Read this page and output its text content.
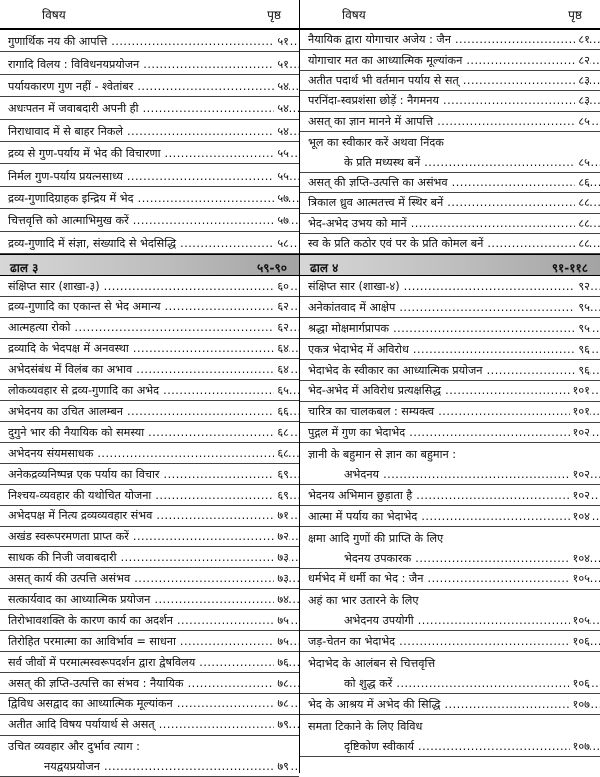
विषय	पृष्ठ
गुणार्थिक नय की आपत्ति .....	५१
रागादि विलय : विविधनयप्रयोजन .....	५१
पर्यायकारण गुण नहीं - श्वेतांबर .....	५४
अधःपतन में जवाबदारी अपनी ही .....	५४
निराधावाद में से बाहर निकले .....	५४
द्रव्य से गुण-पर्याय में भेद की विचारणा .....	५५
निर्मल गुण-पर्याय प्रयत्नसाध्य .....	५५
द्रव्य-गुणादिग्राहक इन्द्रिय में भेद .....	५७
चित्तवृत्ति को आत्माभिमुख करें .....	५७
द्रव्य-गुणादि में संज्ञा, संख्यादि से भेदसिद्धि .....	५८
ढाल ३	५९-९०
संक्षिप्त सार (शाखा-३) .....	६०
द्रव्य-गुणादि का एकान्त से भेद अमान्य .....	६२
आत्महत्या रोको .....	६२
द्रव्यादि के भेदपक्ष में अनवस्था .....	६४
अभेदसंबंध में विलंब का अभाव .....	६४
लोकव्यवहार से द्रव्य-गुणादि का अभेद .....	६५
अभेदनय का उचित आलम्बन .....	६६
दुगुने भार की नैयायिक को समस्या .....	६८
अभेदनय संयमसाधक .....	६८
अनेकद्रव्यनिष्पन्न एक पर्याय का विचार .....	६९
निश्चय-व्यवहार की यथोचित योजना .....	६९
अभेदपक्ष में नित्य द्रव्यव्यवहार संभव .....	७१
अखंड स्वरूपरमणता प्राप्त करें .....	७२
साधक की निजी जवाबदारी .....	७३
असत् कार्य की उत्पत्ति असंभव .....	७३
सत्कार्यवाद का आध्यात्मिक प्रयोजन .....	७४
तिरोभावशक्ति के कारण कार्य का अदर्शन .....	७५
तिरोहित परमात्मा का आविर्भाव = साधना .....	७५
सर्व जीवों में परमात्मस्वरूपदर्शन द्वारा द्वेषविलय .....	७६
असत् की ज्ञप्ति-उत्पत्ति का संभव : नैयायिक .....	७८
द्विविध असद्वाद का आध्यात्मिक मूल्यांकन .....	७८
अतीत आदि विषय पर्यायार्थ से असत् .....	७९
उचित व्यवहार और दुर्भाव त्याग :
नयद्वयप्रयोजन .....	७९
विषय	पृष्ठ
नैयायिक द्वारा योगाचार अजेय : जैन .....	८१
योगाचार मत का आध्यात्मिक मूल्यांकन .....	८२
अतीत पदार्थ भी वर्तमान पर्याय से सत् .....	८३
परनिंदा-स्वप्रशंसा छोड़ें : नैगमनय .....	८३
असत् का ज्ञान मानने में आपत्ति .....	८५
भूल का स्वीकार करें अथवा निंदक
के प्रति मध्यस्थ बनें .....	८५
असत् की ज्ञप्ति-उत्पत्ति का असंभव .....	८६
त्रिकाल ध्रुव आत्मतत्त्व में स्थिर बनें .....	८८
भेद-अभेद उभय को मानें .....	८८
स्व के प्रति कठोर एवं पर के प्रति कोमल बनें .....	८८
ढाल ४	९१-११८
संक्षिप्त सार (शाखा-४) .....	९२
अनेकांतवाद में आक्षेप .....	९५
श्रद्धा मोक्षमार्गप्रापक .....	९५
एकत्र भेदाभेद में अविरोध .....	९६
भेदाभेद के स्वीकार का आध्यात्मिक प्रयोजन .....	९६
भेद-अभेद में अविरोध प्रत्यक्षसिद्ध .....	१०१
चारित्र का चालकबल : सम्यक्त्व .....	१०१
पुद्गल में गुण का भेदाभेद .....	१०२
ज्ञानी के बहुमान से ज्ञान का बहुमान :
अभेदनय .....	१०२
भेदनय अभिमान छुड़ाता है .....	१०२
आत्मा में पर्याय का भेदाभेद .....	१०४
क्षमा आदि गुणों की प्राप्ति के लिए
भेदनय उपकारक .....	१०४
धर्मभेद में धर्मी का भेद : जैन .....	१०५
अहं का भार उतारने के लिए
अभेदनय उपयोगी .....	१०५
जड़-चेतन का भेदाभेद .....	१०६
भेदाभेद के आलंबन से चित्तवृत्ति
को शुद्ध करें .....	१०६
भेद के आश्रय में अभेद की सिद्धि .....	१०७
समता टिकाने के लिए विविध
दृष्टिकोण स्वीकार्य .....	१०७
